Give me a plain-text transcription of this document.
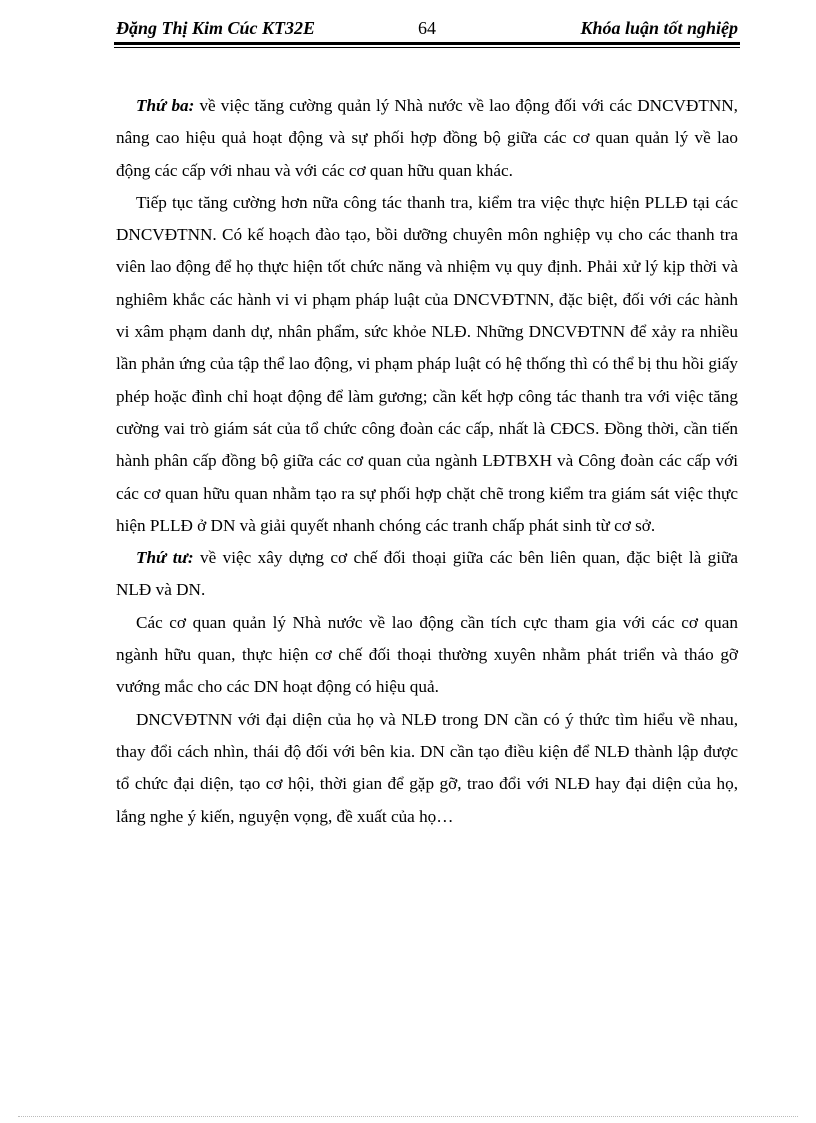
Đặng Thị Kim Cúc KT32E	64	Khóa luận tốt nghiệp

Thứ ba: về việc tăng cường quản lý Nhà nước về lao động đối với các DNCVĐTNN, nâng cao hiệu quả hoạt động và sự phối hợp đồng bộ giữa các cơ quan quản lý về lao động các cấp với nhau và với các cơ quan hữu quan khác.

Tiếp tục tăng cường hơn nữa công tác thanh tra, kiểm tra việc thực hiện PLLĐ tại các DNCVĐTNN. Có kế hoạch đào tạo, bồi dưỡng chuyên môn nghiệp vụ cho các thanh tra viên lao động để họ thực hiện tốt chức năng và nhiệm vụ quy định. Phải xử lý kịp thời và nghiêm khắc các hành vi vi phạm pháp luật của DNCVĐTNN, đặc biệt, đối với các hành vi xâm phạm danh dự, nhân phẩm, sức khỏe NLĐ. Những DNCVĐTNN để xảy ra nhiều lần phản ứng của tập thể lao động, vi phạm pháp luật có hệ thống thì có thể bị thu hồi giấy phép hoặc đình chỉ hoạt động để làm gương; cần kết hợp công tác thanh tra với việc tăng cường vai trò giám sát của tổ chức công đoàn các cấp, nhất là CĐCS. Đồng thời, cần tiến hành phân cấp đồng bộ giữa các cơ quan của ngành LĐTBXH và Công đoàn các cấp với các cơ quan hữu quan nhằm tạo ra sự phối hợp chặt chẽ trong kiểm tra giám sát việc thực hiện PLLĐ ở DN và giải quyết nhanh chóng các tranh chấp phát sinh từ cơ sở.

Thứ tư: về việc xây dựng cơ chế đối thoại giữa các bên liên quan, đặc biệt là giữa NLĐ và DN.

Các cơ quan quản lý Nhà nước về lao động cần tích cực tham gia với các cơ quan ngành hữu quan, thực hiện cơ chế đối thoại thường xuyên nhằm phát triển và tháo gỡ vướng mắc cho các DN hoạt động có hiệu quả.

DNCVĐTNN với đại diện của họ và NLĐ trong DN cần có ý thức tìm hiểu về nhau, thay đổi cách nhìn, thái độ đối với bên kia. DN cần tạo điều kiện để NLĐ thành lập được tổ chức đại diện, tạo cơ hội, thời gian để gặp gỡ, trao đổi với NLĐ hay đại diện của họ, lắng nghe ý kiến, nguyện vọng, đề xuất của họ…
